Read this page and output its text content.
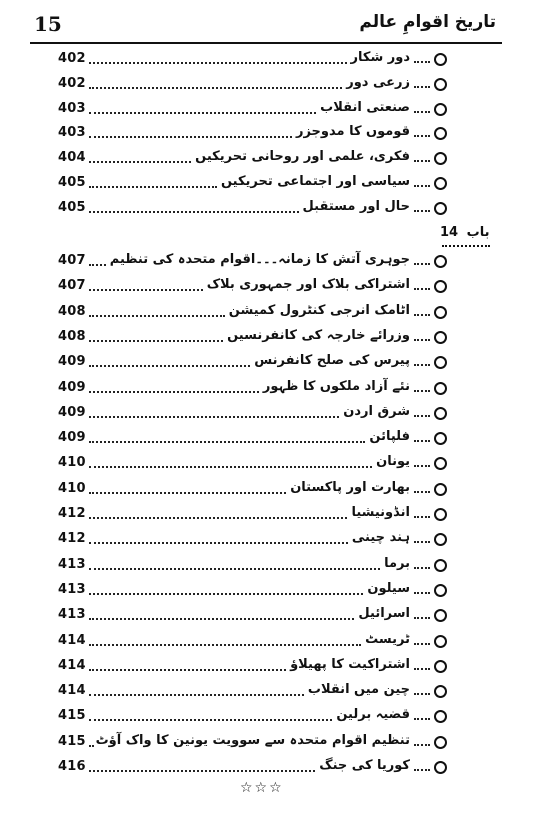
15	تاریخ اقوامِ عالم
402	دور شکار
402	زرعی دور
403	صنعتی انقلاب
403	قوموں کا مدوجزر
404	فکری، علمی اور روحانی تحریکیں
405	سیاسی اور اجتماعی تحریکیں
405	حال اور مستقبل
407 جوہری آتش کا زمانہ۔۔۔اقوام متحدہ کی تنظیم
407	اشتراکی بلاک اور جمہوری بلاک
408	اٹامک انرجی کنٹرول کمیشن
408	وزرائے خارجہ کی کانفرنسیں
409	پیرس کی صلح کانفرنس
409	نئے آزاد ملکوں کا ظہور
409	شرق اردن
409	فلپائن
410	یونان
410	بھارت اور پاکستان
412	انڈونیشیا
412	ہند چینی
413	برما
413	سیلون
413	اسرائیل
414	ٹریسٹ
414	اشتراکیت کا پھیلاؤ
414	چین میں انقلاب
415	قضیہ برلین
415 تنظیم اقوام متحدہ سے سوویت یونین کا واک آؤٹ
416	کوریا کی جنگ
باب 14
☆☆☆
